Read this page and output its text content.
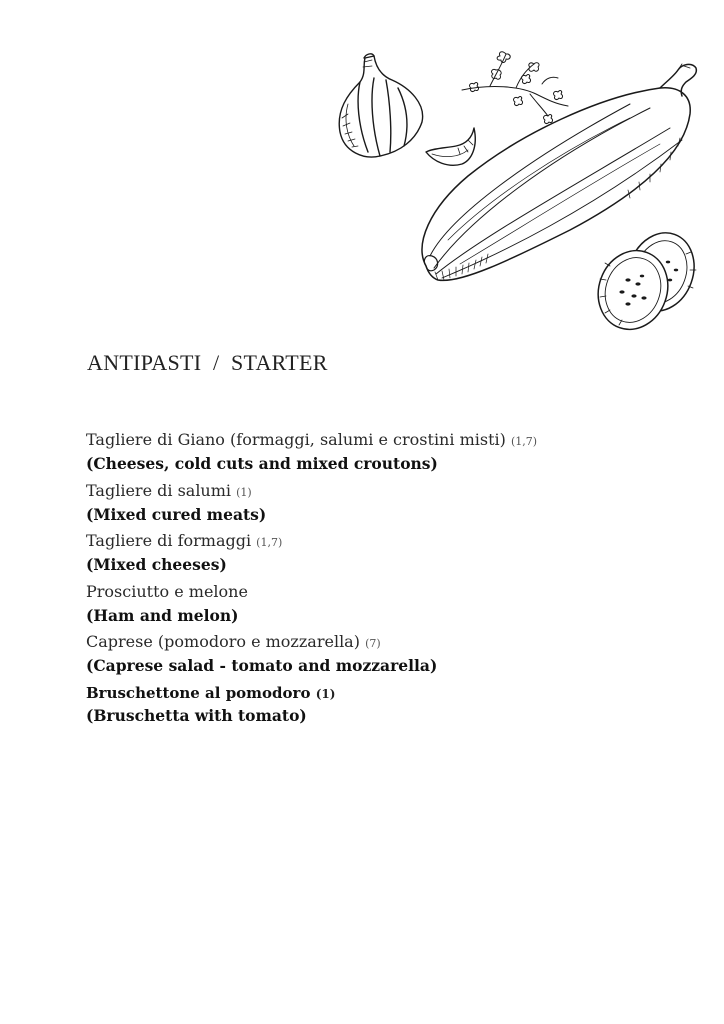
ANTIPASTI  /  STARTER
Tagliere di Giano (formaggi, salumi e crostini misti) (1,7)
(Cheeses, cold cuts and mixed croutons)
Tagliere di salumi (1)
(Mixed cured meats)
Tagliere di formaggi (1,7)
(Mixed cheeses)
Prosciutto e melone
(Ham and melon)
Caprese (pomodoro e mozzarella) (7)
(Caprese salad - tomato and mozzarella)
Bruschettone al pomodoro (1)
(Bruschetta with tomato)
